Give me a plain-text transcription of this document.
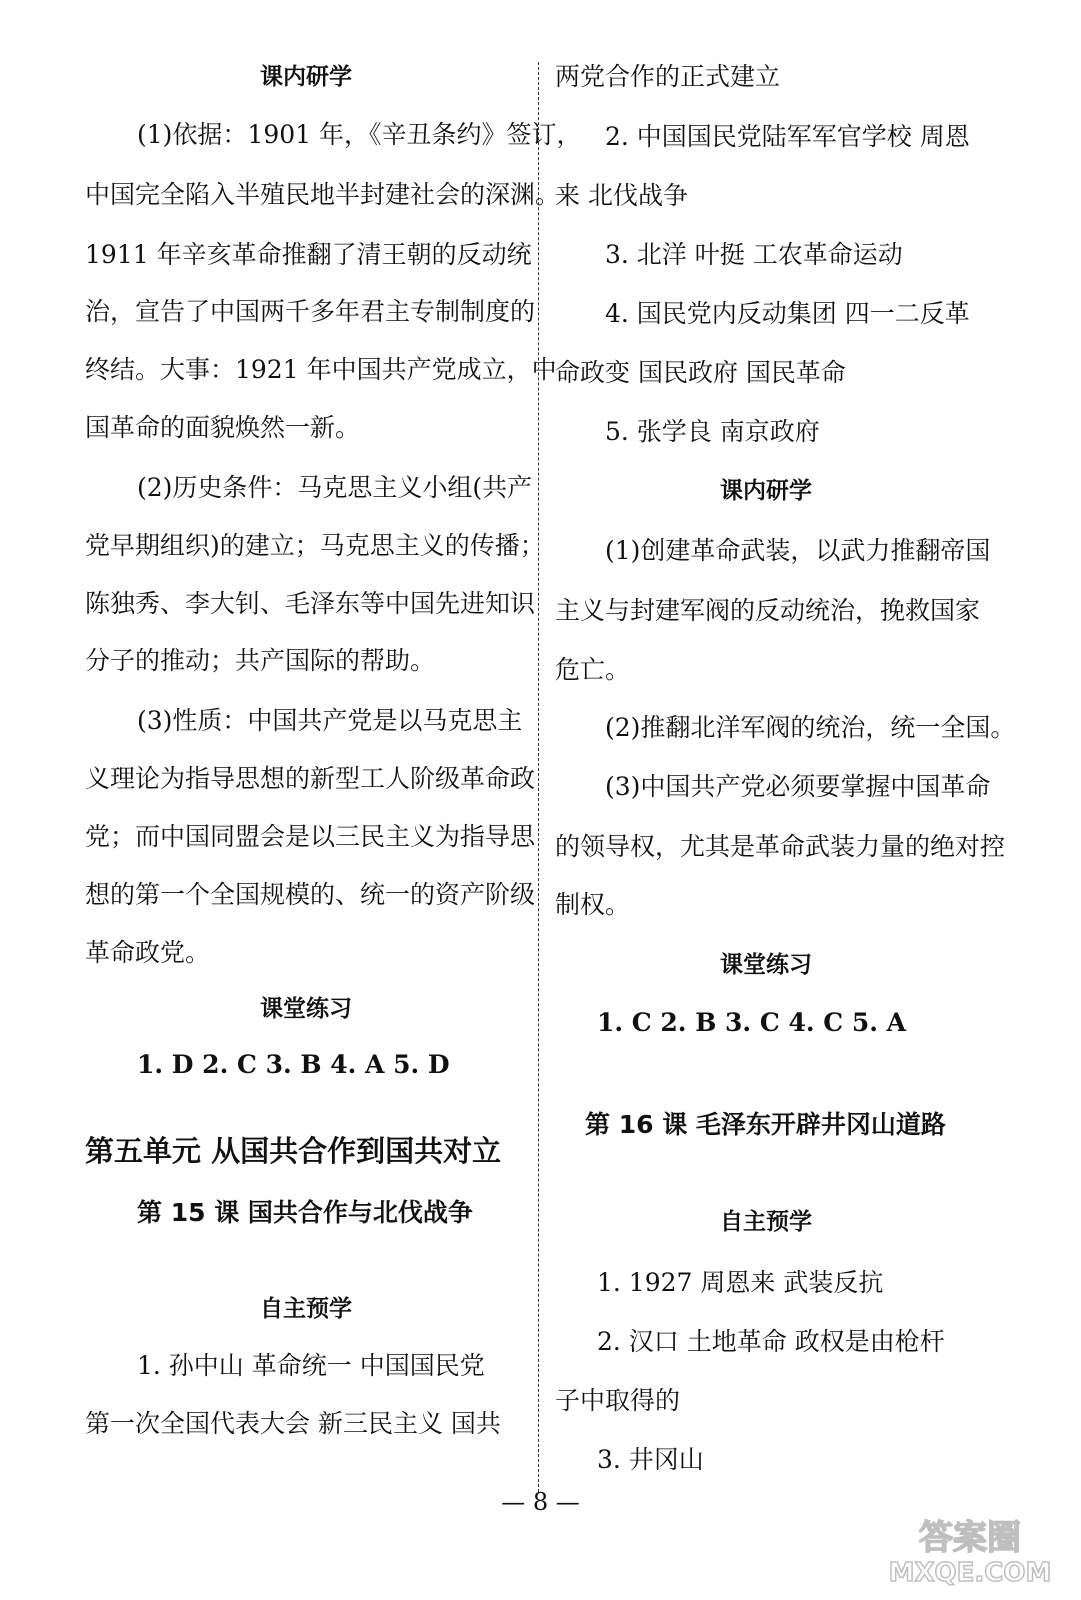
课内研学
(1)依据：1901 年，《辛丑条约》签订，
中国完全陷入半殖民地半封建社会的深渊。
1911 年辛亥革命推翻了清王朝的反动统
治，宣告了中国两千多年君主专制制度的
终结。大事：1921 年中国共产党成立，中
国革命的面貌焕然一新。
(2)历史条件：马克思主义小组(共产
党早期组织)的建立；马克思主义的传播；
陈独秀、李大钊、毛泽东等中国先进知识
分子的推动；共产国际的帮助。
(3)性质：中国共产党是以马克思主
义理论为指导思想的新型工人阶级革命政
党；而中国同盟会是以三民主义为指导思
想的第一个全国规模的、统一的资产阶级
革命政党。
课堂练习
1. D 2. C 3. B 4. A 5. D
第五单元 从国共合作到国共对立
第 15 课 国共合作与北伐战争
自主预学
1. 孙中山 革命统一 中国国民党
第一次全国代表大会 新三民主义 国共
两党合作的正式建立
2. 中国国民党陆军军官学校 周恩
来 北伐战争
3. 北洋 叶挺 工农革命运动
4. 国民党内反动集团 四一二反革
命政变 国民政府 国民革命
5. 张学良 南京政府
课内研学
(1)创建革命武装，以武力推翻帝国
主义与封建军阀的反动统治，挽救国家
危亡。
(2)推翻北洋军阀的统治，统一全国。
(3)中国共产党必须要掌握中国革命
的领导权，尤其是革命武装力量的绝对控
制权。
课堂练习
1. C 2. B 3. C 4. C 5. A
第 16 课 毛泽东开辟井冈山道路
自主预学
1. 1927 周恩来 武装反抗
2. 汉口 土地革命 政权是由枪杆
子中取得的
3. 井冈山
— 8 —
答案圈
MXQE.COM
